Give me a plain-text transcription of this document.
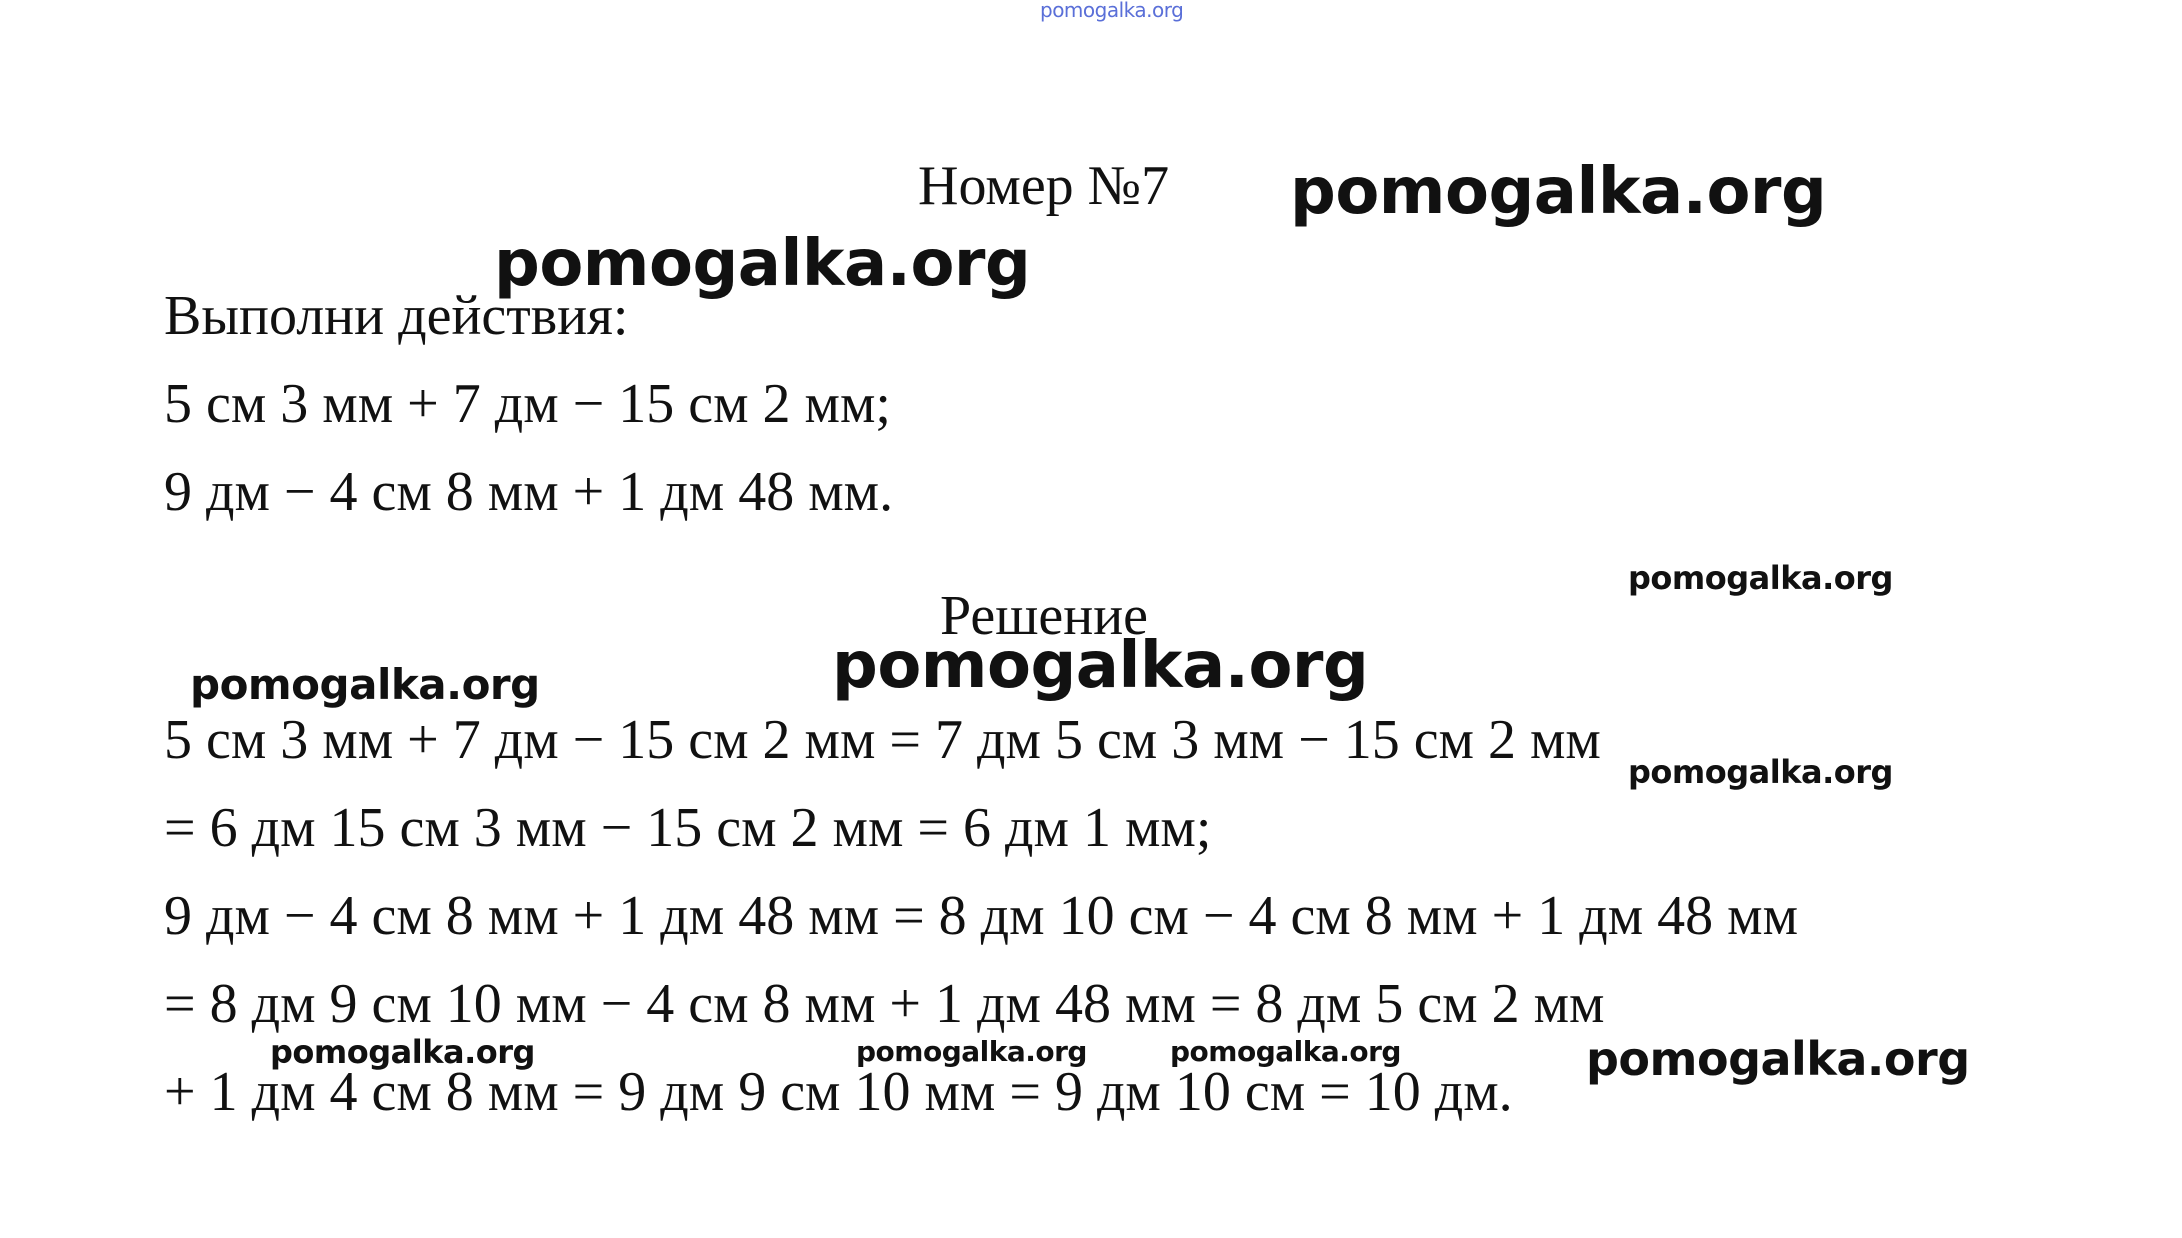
pomogalka.org
Номер №7 pomogalka.org
pomogalka.org
Выполни действия:
5 см 3 мм + 7 дм − 15 см 2 мм;
9 дм − 4 см 8 мм + 1 дм 48 мм.
pomogalka.org
Решение
pomogalka.org
pomogalka.org
5 см 3 мм + 7 дм − 15 см 2 мм = 7 дм 5 см 3 мм − 15 см 2 мм
pomogalka.org
= 6 дм 15 см 3 мм − 15 см 2 мм = 6 дм 1 мм;
9 дм − 4 см 8 мм + 1 дм 48 мм = 8 дм 10 см − 4 см 8 мм + 1 дм 48 мм
= 8 дм 9 см 10 мм − 4 см 8 мм + 1 дм 48 мм = 8 дм 5 см 2 мм
pomogalka.org	pomogalka.org	pomogalka.org	pomogalka.org
+ 1 дм 4 см 8 мм = 9 дм 9 см 10 мм = 9 дм 10 см = 10 дм.
